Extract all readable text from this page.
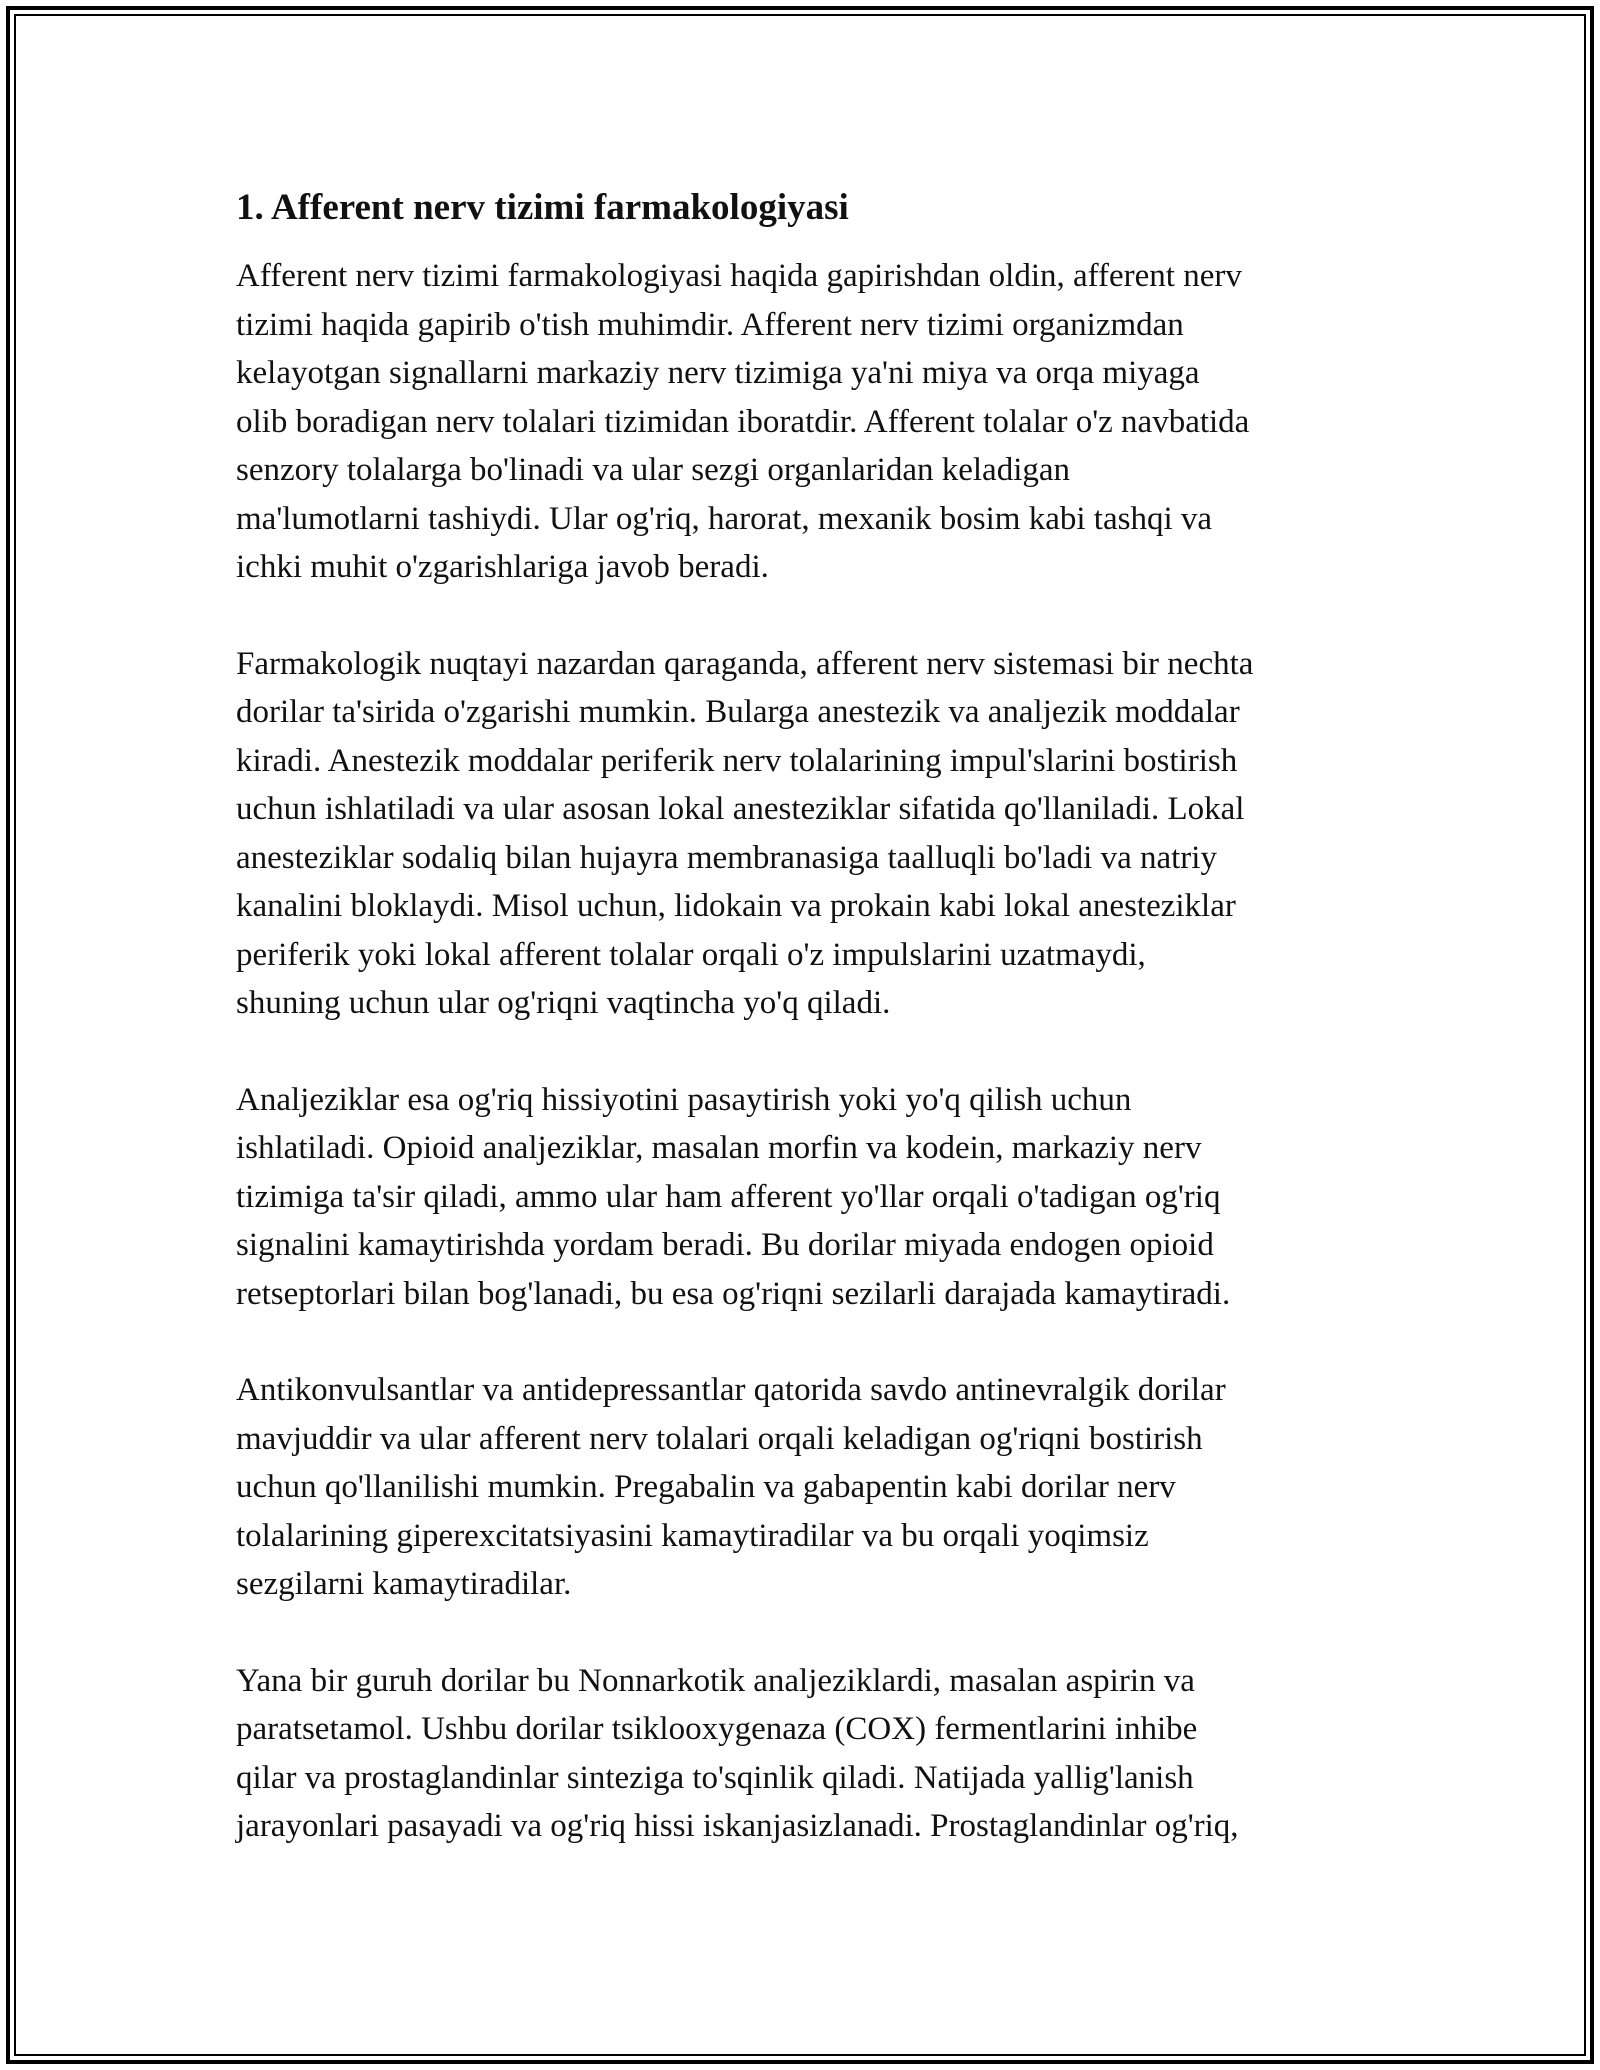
1. Afferent nerv tizimi farmakologiyasi

Afferent nerv tizimi farmakologiyasi haqida gapirishdan oldin, afferent nerv
tizimi haqida gapirib o'tish muhimdir. Afferent nerv tizimi organizmdan
kelayotgan signallarni markaziy nerv tizimiga ya'ni miya va orqa miyaga
olib boradigan nerv tolalari tizimidan iboratdir. Afferent tolalar o'z navbatida
senzory tolalarga bo'linadi va ular sezgi organlaridan keladigan
ma'lumotlarni tashiydi. Ular og'riq, harorat, mexanik bosim kabi tashqi va
ichki muhit o'zgarishlariga javob beradi.

Farmakologik nuqtayi nazardan qaraganda, afferent nerv sistemasi bir nechta
dorilar ta'sirida o'zgarishi mumkin. Bularga anestezik va analjezik moddalar
kiradi. Anestezik moddalar periferik nerv tolalarining impul'slarini bostirish
uchun ishlatiladi va ular asosan lokal anesteziklar sifatida qo'llaniladi. Lokal
anesteziklar sodaliq bilan hujayra membranasiga taalluqli bo'ladi va natriy
kanalini bloklaydi. Misol uchun, lidokain va prokain kabi lokal anesteziklar
periferik yoki lokal afferent tolalar orqali o'z impulslarini uzatmaydi,
shuning uchun ular og'riqni vaqtincha yo'q qiladi.

Analjeziklar esa og'riq hissiyotini pasaytirish yoki yo'q qilish uchun
ishlatiladi. Opioid analjeziklar, masalan morfin va kodein, markaziy nerv
tizimiga ta'sir qiladi, ammo ular ham afferent yo'llar orqali o'tadigan og'riq
signalini kamaytirishda yordam beradi. Bu dorilar miyada endogen opioid
retseptorlari bilan bog'lanadi, bu esa og'riqni sezilarli darajada kamaytiradi.

Antikonvulsantlar va antidepressantlar qatorida savdo antinevralgik dorilar
mavjuddir va ular afferent nerv tolalari orqali keladigan og'riqni bostirish
uchun qo'llanilishi mumkin. Pregabalin va gabapentin kabi dorilar nerv
tolalarining giperexcitatsiyasini kamaytiradilar va bu orqali yoqimsiz
sezgilarni kamaytiradilar.

Yana bir guruh dorilar bu Nonnarkotik analjeziklardi, masalan aspirin va
paratsetamol. Ushbu dorilar tsiklooxygenaza (COX) fermentlarini inhibe
qilar va prostaglandinlar sinteziga to'sqinlik qiladi. Natijada yallig'lanish
jarayonlari pasayadi va og'riq hissi iskanjasizlanadi. Prostaglandinlar og'riq,
